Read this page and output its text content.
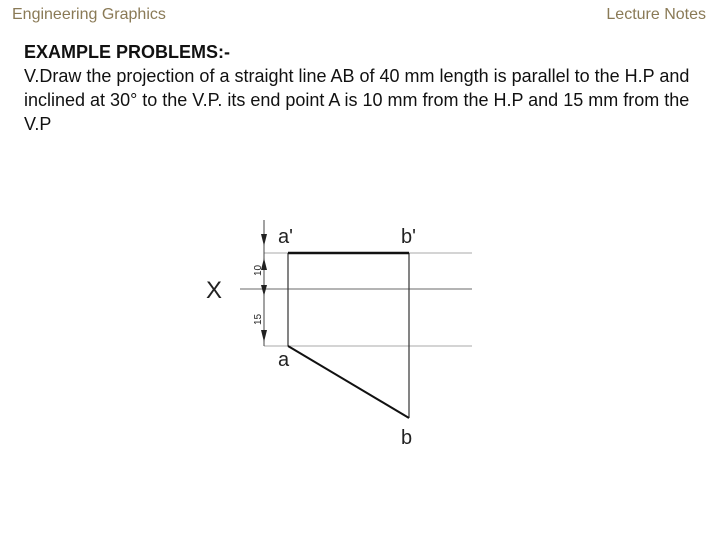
Engineering Graphics	Lecture Notes
EXAMPLE PROBLEMS:-

V.Draw the projection of a straight line AB of 40 mm length is parallel to the H.P and inclined at 30° to the V.P. its end point A is 10 mm from the H.P and 15 mm from the V.P

X
a'	b'
a
b
10
15
